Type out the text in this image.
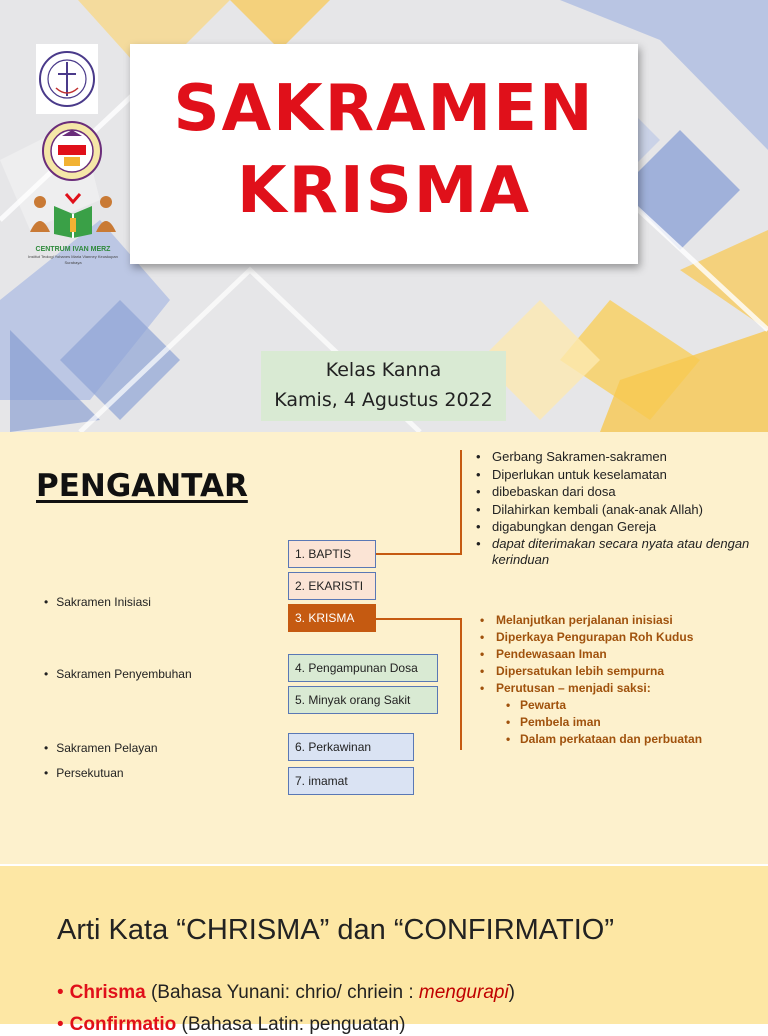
CENTRUM IVAN MERZ
Institut Teologi Yohanes Maria Vianney Keuskupan Surabaya
SAKRAMEN
KRISMA
Kelas Kanna
Kamis, 4 Agustus 2022
PENGANTAR
• Sakramen Inisiasi
• Sakramen Penyembuhan
• Sakramen Pelayan
• Persekutuan
1. BAPTIS
2. EKARISTI
3. KRISMA
4. Pengampunan Dosa
5. Minyak orang Sakit
6. Perkawinan
7. imamat
• Gerbang Sakramen-sakramen
• Diperlukan untuk keselamatan
• dibebaskan dari dosa
• Dilahirkan kembali (anak-anak Allah)
• digabungkan dengan Gereja
• dapat diterimakan secara nyata atau dengan kerinduan
• Melanjutkan perjalanan inisiasi
• Diperkaya Pengurapan Roh Kudus
• Pendewasaan Iman
• Dipersatukan lebih sempurna
• Perutusan – menjadi saksi:
• Pewarta
• Pembela iman
• Dalam perkataan dan perbuatan
Arti Kata “CHRISMA” dan “CONFIRMATIO”
• Chrisma (Bahasa Yunani: chrio/ chriein : mengurapi)
• Confirmatio (Bahasa Latin: penguatan)
